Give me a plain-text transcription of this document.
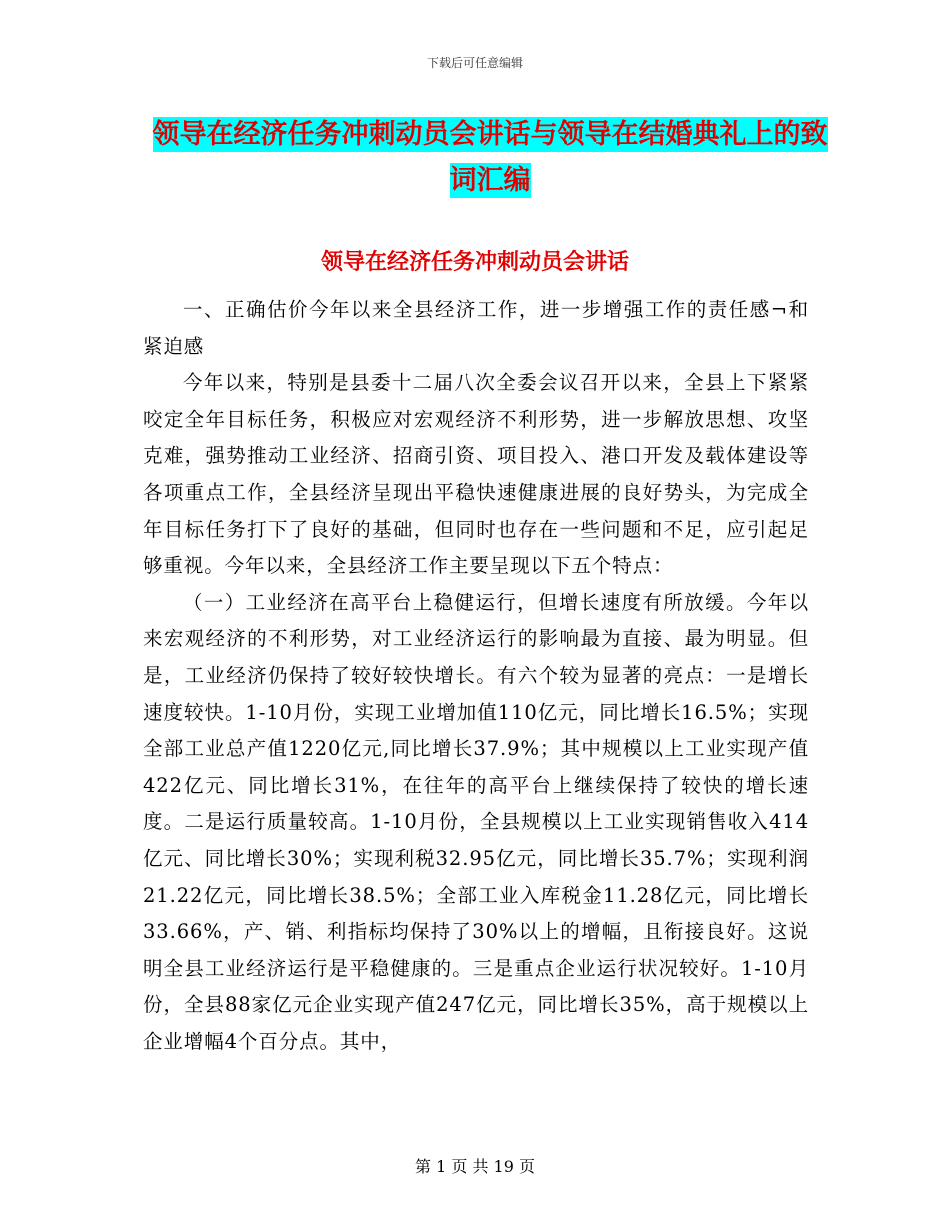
下载后可任意编辑
领导在经济任务冲刺动员会讲话与领导在结婚典礼上的致词汇编
领导在经济任务冲刺动员会讲话

一、正确估价今年以来全县经济工作，进一步增强工作的责任感¬和紧迫感

今年以来，特别是县委十二届八次全委会议召开以来，全县上下紧紧咬定全年目标任务，积极应对宏观经济不利形势，进一步解放思想、攻坚克难，强势推动工业经济、招商引资、项目投入、港口开发及载体建设等各项重点工作，全县经济呈现出平稳快速健康进展的良好势头，为完成全年目标任务打下了良好的基础，但同时也存在一些问题和不足，应引起足够重视。今年以来，全县经济工作主要呈现以下五个特点：

（一）工业经济在高平台上稳健运行，但增长速度有所放缓。今年以来宏观经济的不利形势，对工业经济运行的影响最为直接、最为明显。但是，工业经济仍保持了较好较快增长。有六个较为显著的亮点：一是增长速度较快。1-10月份，实现工业增加值110亿元，同比增长16.5%；实现全部工业总产值1220亿元,同比增长37.9%；其中规模以上工业实现产值422亿元、同比增长31%，在往年的高平台上继续保持了较快的增长速度。二是运行质量较高。1-10月份，全县规模以上工业实现销售收入414亿元、同比增长30%；实现利税32.95亿元，同比增长35.7%；实现利润21.22亿元，同比增长38.5%；全部工业入库税金11.28亿元，同比增长33.66%，产、销、利指标均保持了30%以上的增幅，且衔接良好。这说明全县工业经济运行是平稳健康的。三是重点企业运行状况较好。1-10月份，全县88家亿元企业实现产值247亿元，同比增长35%，高于规模以上企业增幅4个百分点。其中，

第 1 页 共 19 页
